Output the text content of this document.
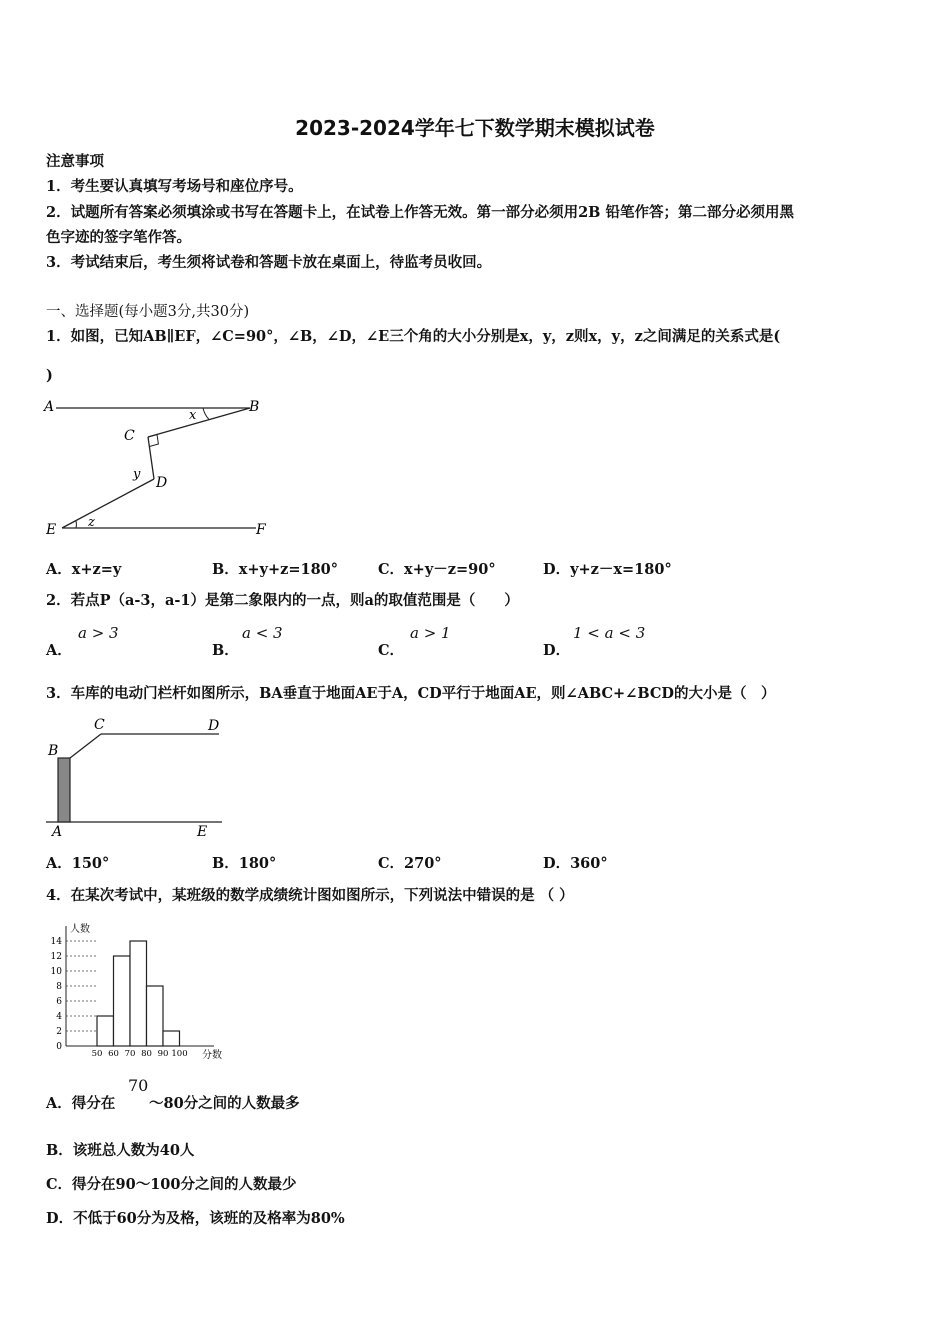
2023-2024学年七下数学期末模拟试卷
注意事项
1．考生要认真填写考场号和座位序号。
2．试题所有答案必须填涂或书写在答题卡上，在试卷上作答无效。第一部分必须用2B 铅笔作答；第二部分必须用黑
色字迹的签字笔作答。
3．考试结束后，考生须将试卷和答题卡放在桌面上，待监考员收回。
一、选择题(每小题3分,共30分)
1．如图，已知AB∥EF，∠C=90°，∠B，∠D，∠E三个角的大小分别是x，y，z则x，y，z之间满足的关系式是(
)
A	B
C
D
E	F
x
y
z
A．x+z=y	B．x+y+z=180°	C．x+y－z=90°	D．y+z－x=180°
2．若点P（a-3，a-1）是第二象限内的一点，则a的取值范围是（　　）
A．
a > 3
B．
a < 3
C．
a > 1
D．
1 < a < 3
3．车库的电动门栏杆如图所示，BA垂直于地面AE于A，CD平行于地面AE，则∠ABC+∠BCD的大小是（　）
B
C	D
A	E
A．150°	B．180°	C．270°	D．360°
4．在某次考试中，某班级的数学成绩统计图如图所示，下列说法中错误的是 （ ）
人数
分数
0
2
4
6
8
10
12
14
50 60 70 80 90 100
A．得分在
70
～80分之间的人数最多
B．该班总人数为40人
C．得分在90～100分之间的人数最少
D．不低于60分为及格，该班的及格率为80%
